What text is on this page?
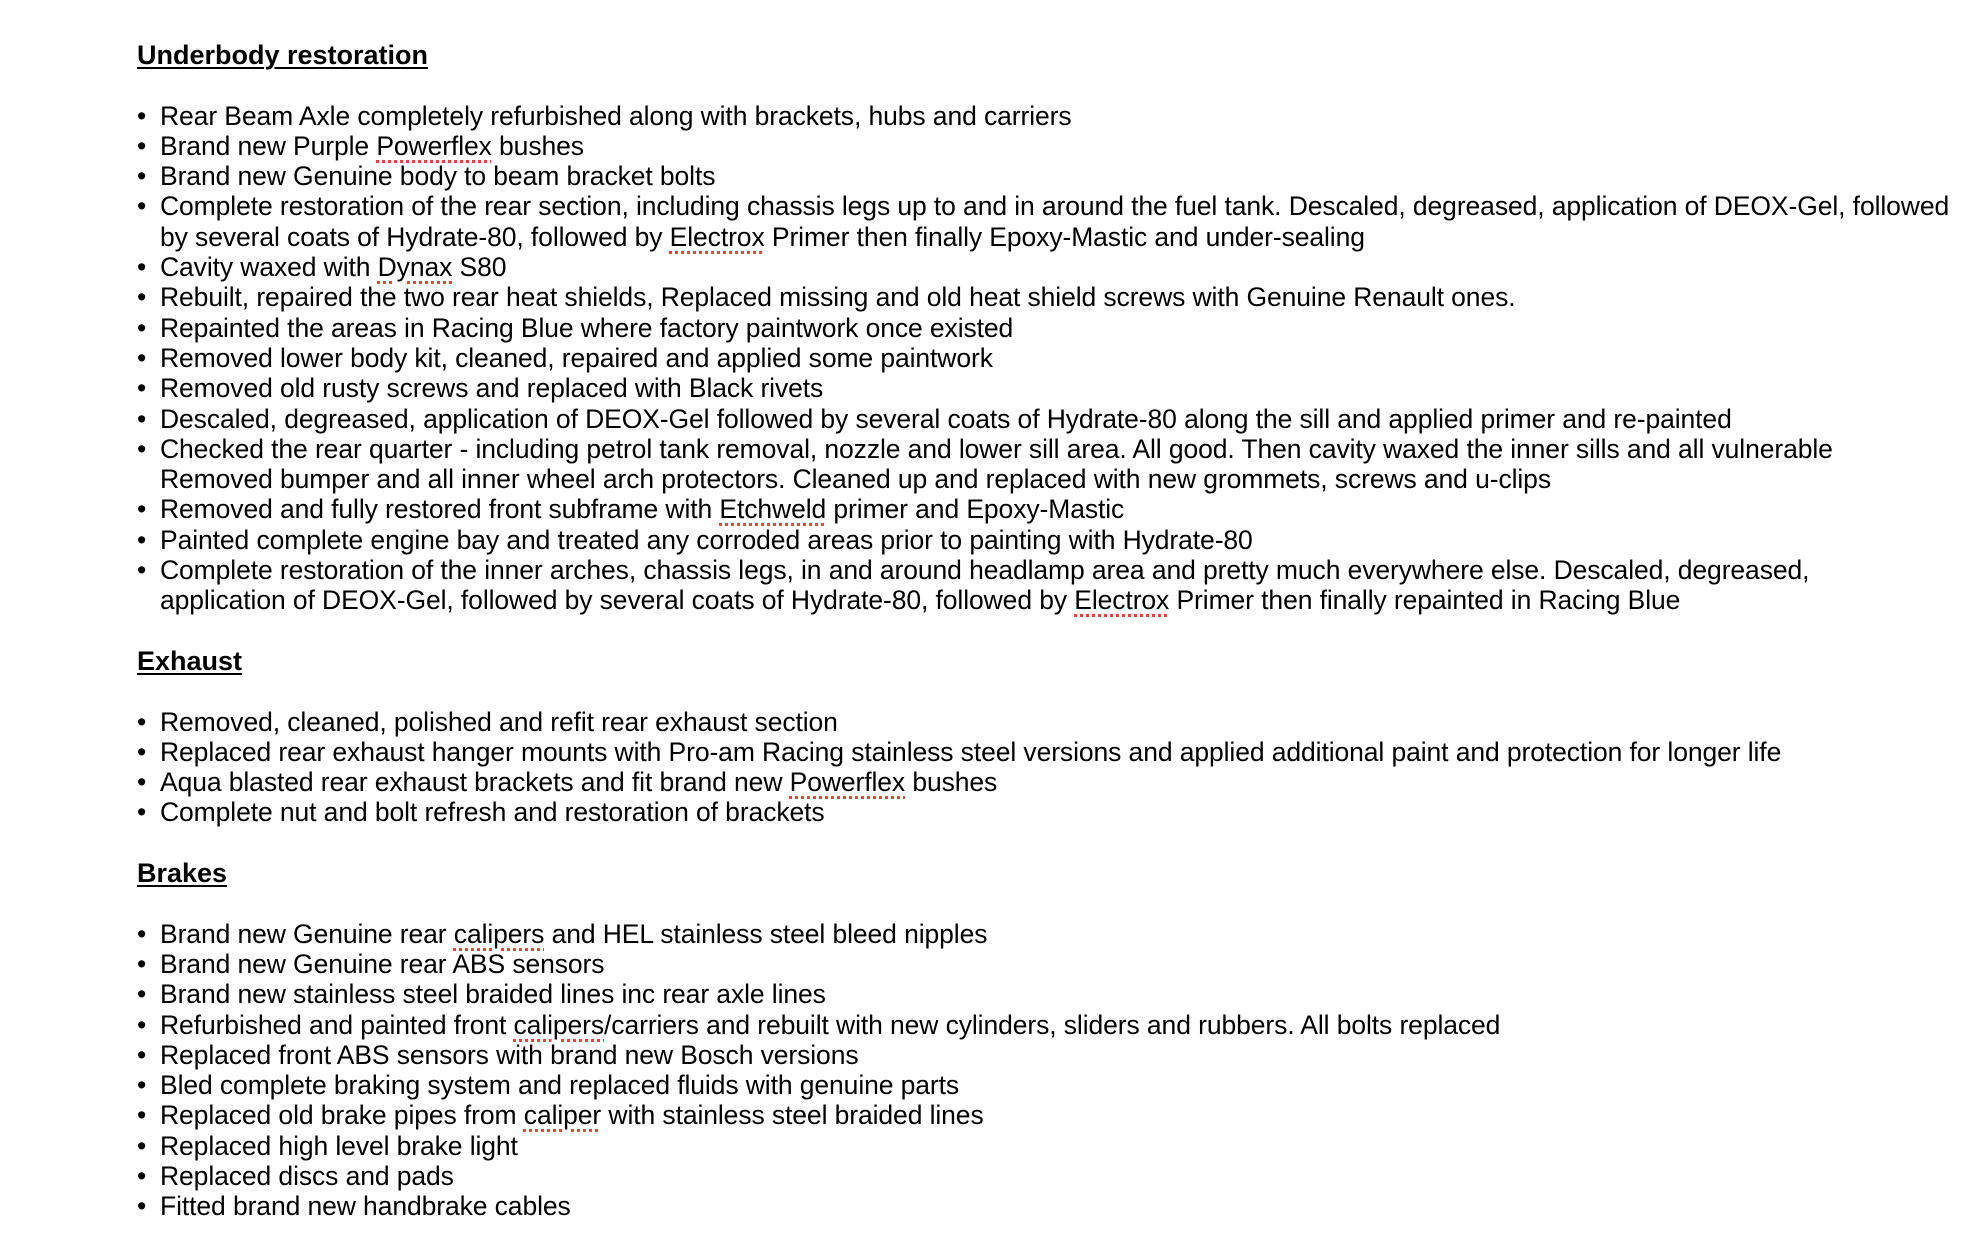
Underbody restoration
• Rear Beam Axle completely refurbished along with brackets, hubs and carriers
• Brand new Purple Powerflex bushes
• Brand new Genuine body to beam bracket bolts
• Complete restoration of the rear section, including chassis legs up to and in around the fuel tank. Descaled, degreased, application of DEOX-Gel, followed by several coats of Hydrate-80, followed by Electrox Primer then finally Epoxy-Mastic and under-sealing
• Cavity waxed with Dynax S80
• Rebuilt, repaired the two rear heat shields, Replaced missing and old heat shield screws with Genuine Renault ones.
• Repainted the areas in Racing Blue where factory paintwork once existed
• Removed lower body kit, cleaned, repaired and applied some paintwork
• Removed old rusty screws and replaced with Black rivets
• Descaled, degreased, application of DEOX-Gel followed by several coats of Hydrate-80 along the sill and applied primer and re-painted
• Checked the rear quarter - including petrol tank removal, nozzle and lower sill area. All good. Then cavity waxed the inner sills and all vulnerable
Removed bumper and all inner wheel arch protectors. Cleaned up and replaced with new grommets, screws and u-clips
• Removed and fully restored front subframe with Etchweld primer and Epoxy-Mastic
• Painted complete engine bay and treated any corroded areas prior to painting with Hydrate-80
• Complete restoration of the inner arches, chassis legs, in and around headlamp area and pretty much everywhere else. Descaled, degreased,
application of DEOX-Gel, followed by several coats of Hydrate-80, followed by Electrox Primer then finally repainted in Racing Blue
Exhaust
• Removed, cleaned, polished and refit rear exhaust section
• Replaced rear exhaust hanger mounts with Pro-am Racing stainless steel versions and applied additional paint and protection for longer life
• Aqua blasted rear exhaust brackets and fit brand new Powerflex bushes
• Complete nut and bolt refresh and restoration of brackets
Brakes
• Brand new Genuine rear calipers and HEL stainless steel bleed nipples
• Brand new Genuine rear ABS sensors
• Brand new stainless steel braided lines inc rear axle lines
• Refurbished and painted front calipers/carriers and rebuilt with new cylinders, sliders and rubbers. All bolts replaced
• Replaced front ABS sensors with brand new Bosch versions
• Bled complete braking system and replaced fluids with genuine parts
• Replaced old brake pipes from caliper with stainless steel braided lines
• Replaced high level brake light
• Replaced discs and pads
• Fitted brand new handbrake cables
